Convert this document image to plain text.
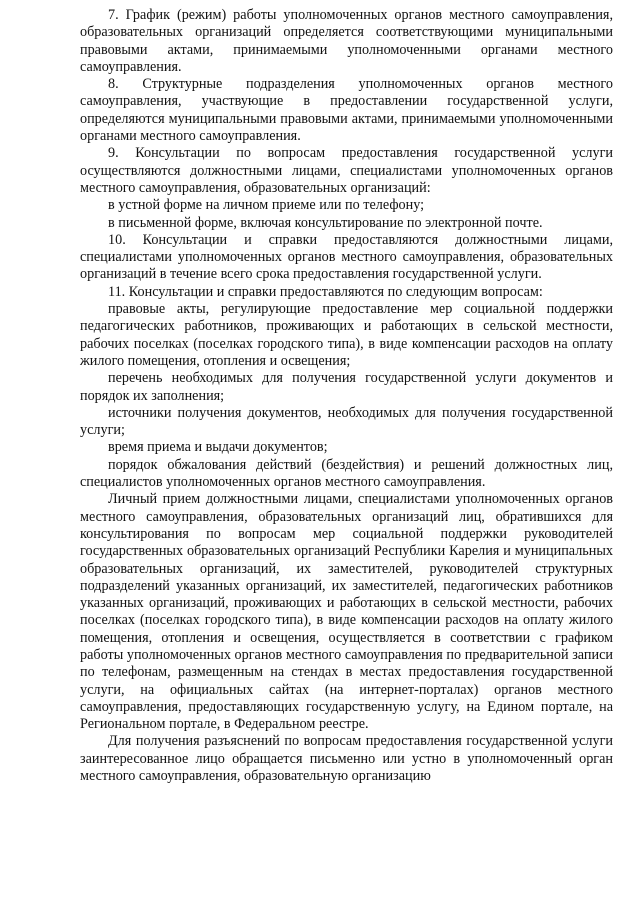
7. График (режим) работы уполномоченных органов местного самоуправления, образовательных организаций определяется соответствующими муниципальными правовыми актами, принимаемыми уполномоченными органами местного самоуправления.

8. Структурные подразделения уполномоченных органов местного самоуправления, участвующие в предоставлении государственной услуги, определяются муниципальными правовыми актами, принимаемыми уполномоченными органами местного самоуправления.

9. Консультации по вопросам предоставления государственной услуги осуществляются должностными лицами, специалистами уполномоченных органов местного самоуправления, образовательных организаций:

в устной форме на личном приеме или по телефону;

в письменной форме, включая консультирование по электронной почте.

10. Консультации и справки предоставляются должностными лицами, специалистами уполномоченных органов местного самоуправления, образовательных организаций в течение всего срока предоставления государственной услуги.

11. Консультации и справки предоставляются по следующим вопросам:

правовые акты, регулирующие предоставление мер социальной поддержки педагогических работников, проживающих и работающих в сельской местности, рабочих поселках (поселках городского типа), в виде компенсации расходов на оплату жилого помещения, отопления и освещения;

перечень необходимых для получения государственной услуги документов и порядок их заполнения;

источники получения документов, необходимых для получения государственной услуги;

время приема и выдачи документов;

порядок обжалования действий (бездействия) и решений должностных лиц, специалистов уполномоченных органов местного самоуправления.

Личный прием должностными лицами, специалистами уполномоченных органов местного самоуправления, образовательных организаций лиц, обратившихся для консультирования по вопросам мер социальной поддержки руководителей государственных образовательных организаций Республики Карелия и муниципальных образовательных организаций, их заместителей, руководителей структурных подразделений указанных организаций, их заместителей, педагогических работников указанных организаций, проживающих и работающих в сельской местности, рабочих поселках (поселках городского типа), в виде компенсации расходов на оплату жилого помещения, отопления и освещения, осуществляется в соответствии с графиком работы уполномоченных органов местного самоуправления по предварительной записи по телефонам, размещенным на стендах в местах предоставления государственной услуги, на официальных сайтах (на интернет-порталах) органов местного самоуправления, предоставляющих государственную услугу, на Едином портале, на Региональном портале, в Федеральном реестре.

Для получения разъяснений по вопросам предоставления государственной услуги заинтересованное лицо обращается письменно или устно в уполномоченный орган местного самоуправления, образовательную организацию
